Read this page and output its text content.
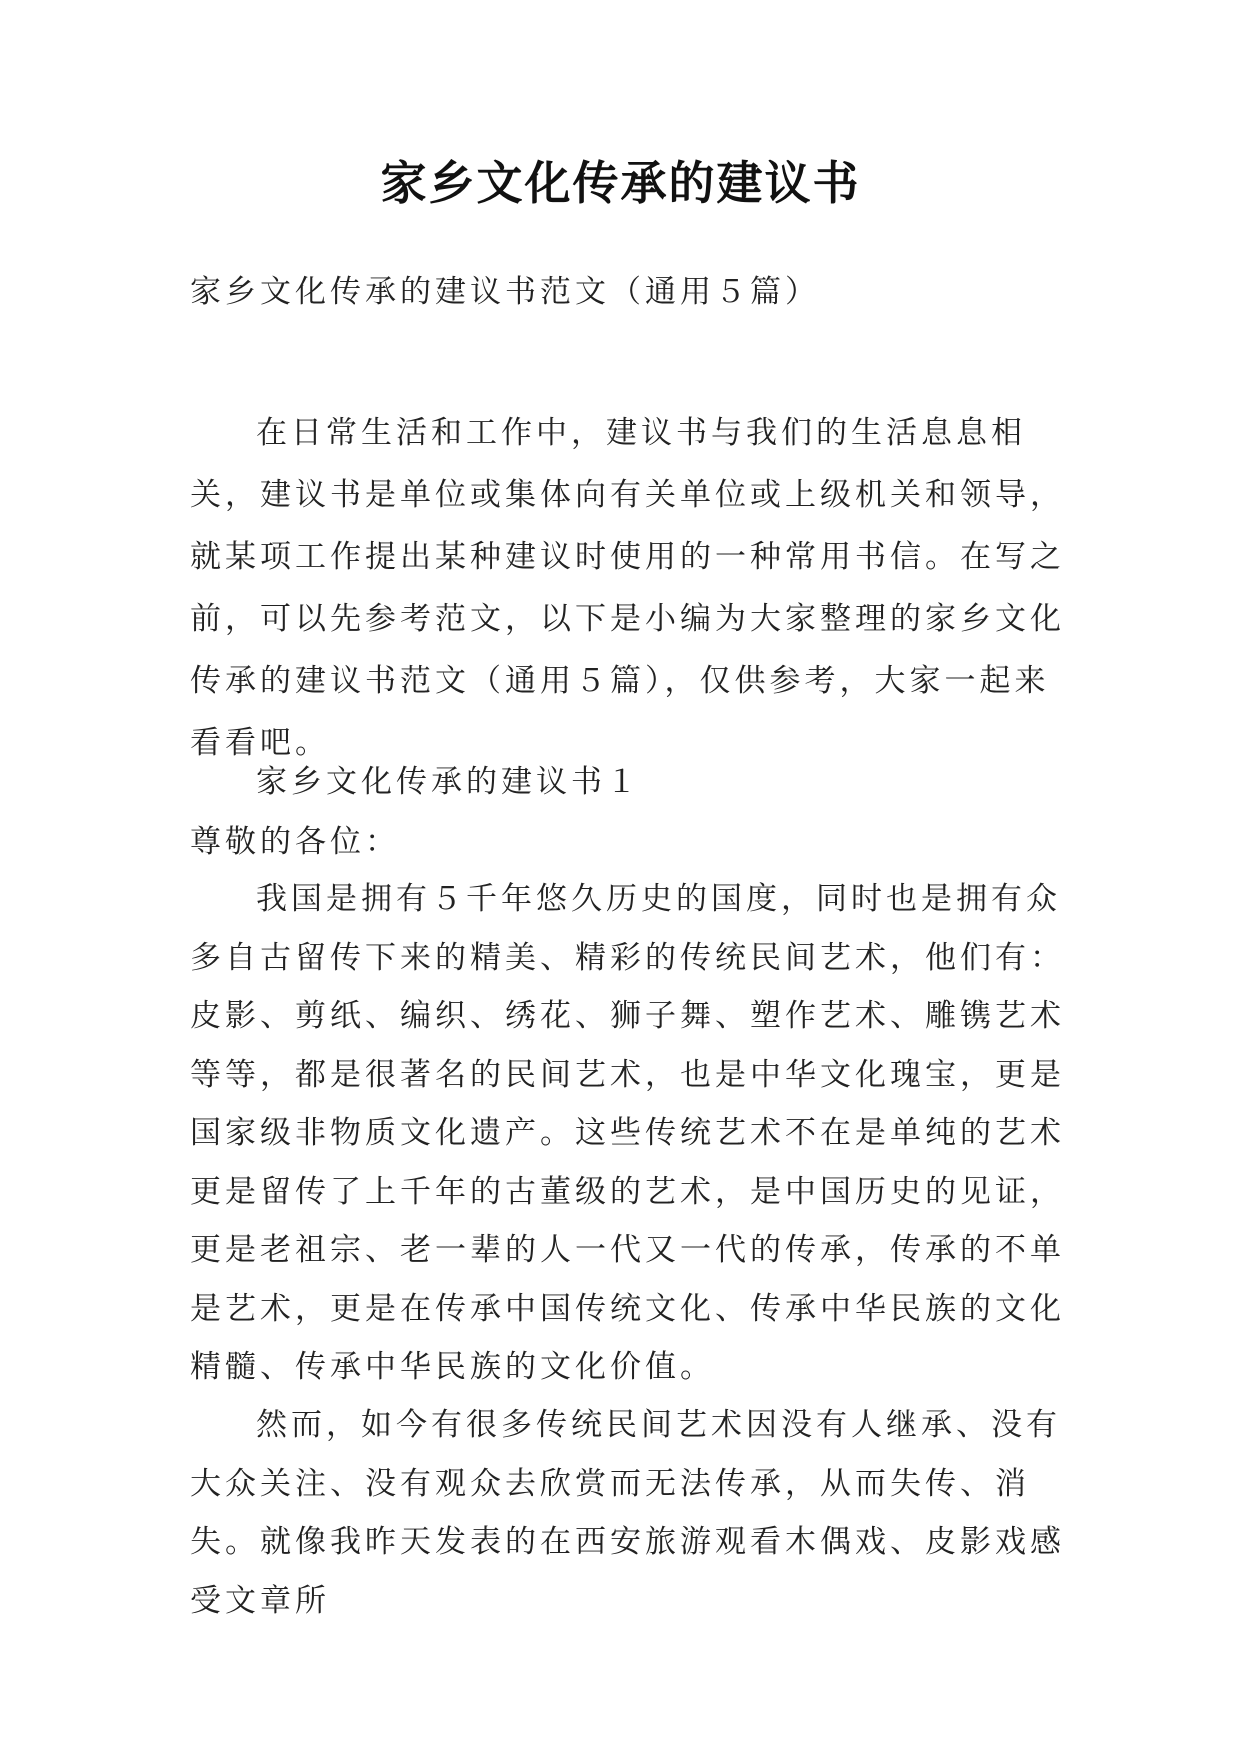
家乡文化传承的建议书
家乡文化传承的建议书范文（通用５篇）
在日常生活和工作中，建议书与我们的生活息息相关，建议书是单位或集体向有关单位或上级机关和领导，就某项工作提出某种建议时使用的一种常用书信。在写之前，可以先参考范文，以下是小编为大家整理的家乡文化传承的建议书范文（通用５篇），仅供参考，大家一起来看看吧。
家乡文化传承的建议书１
尊敬的各位：
我国是拥有５千年悠久历史的国度，同时也是拥有众多自古留传下来的精美、精彩的传统民间艺术，他们有：皮影、剪纸、编织、绣花、狮子舞、塑作艺术、雕镌艺术等等，都是很著名的民间艺术，也是中华文化瑰宝，更是国家级非物质文化遗产。这些传统艺术不在是单纯的艺术更是留传了上千年的古董级的艺术，是中国历史的见证，更是老祖宗、老一辈的人一代又一代的传承，传承的不单是艺术，更是在传承中国传统文化、传承中华民族的文化精髓、传承中华民族的文化价值。
然而，如今有很多传统民间艺术因没有人继承、没有大众关注、没有观众去欣赏而无法传承，从而失传、消失。就像我昨天发表的在西安旅游观看木偶戏、皮影戏感受文章所
